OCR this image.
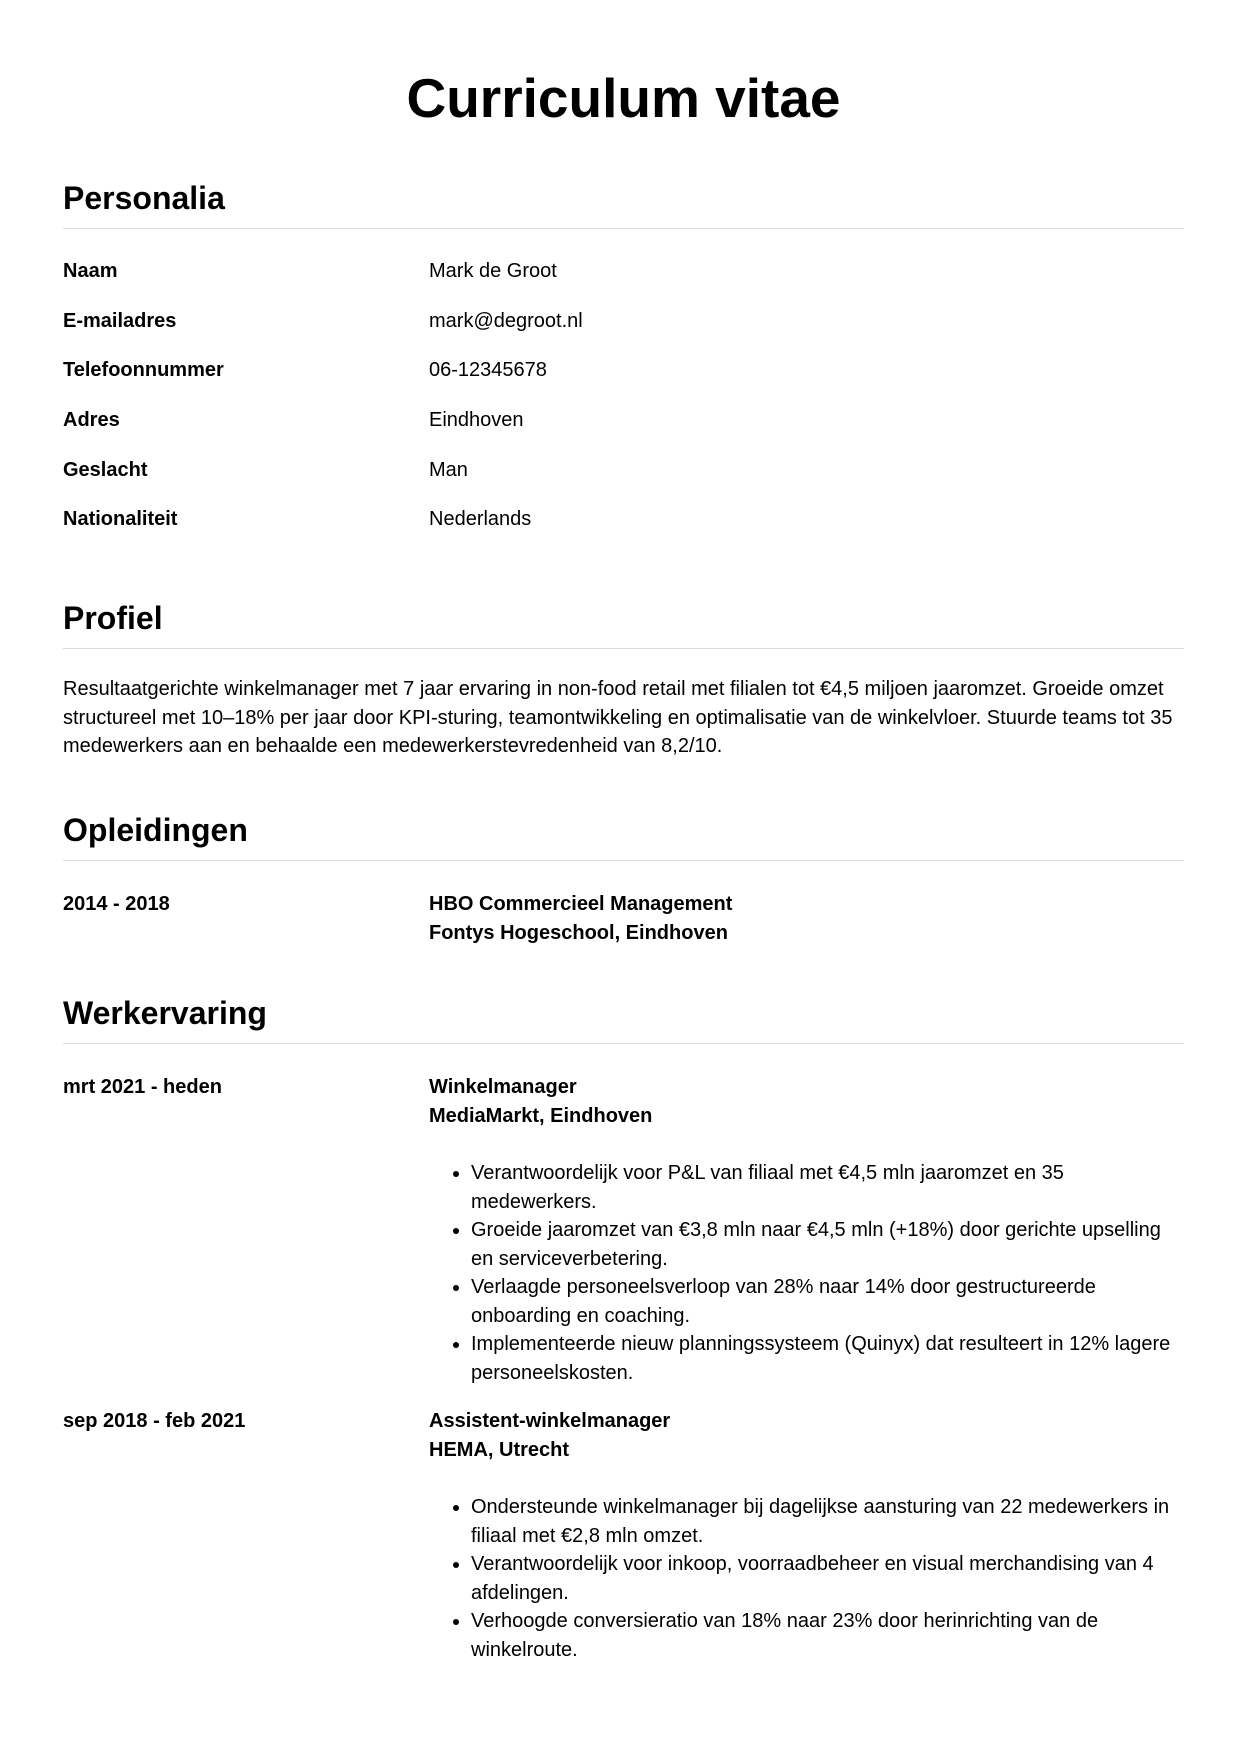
Curriculum vitae
Personalia
Naam	Mark de Groot
E-mailadres	mark@degroot.nl
Telefoonnummer	06-12345678
Adres	Eindhoven
Geslacht	Man
Nationaliteit	Nederlands
Profiel

Resultaatgerichte winkelmanager met 7 jaar ervaring in non-food retail met filialen tot €4,5 miljoen jaaromzet. Groeide omzet structureel met 10–18% per jaar door KPI-sturing, teamontwikkeling en optimalisatie van de winkelvloer. Stuurde teams tot 35 medewerkers aan en behaalde een medewerkerstevredenheid van 8,2/10.

Opleidingen
2014 - 2018	HBO Commercieel Management
Fontys Hogeschool, Eindhoven
Werkervaring
mrt 2021 - heden	Winkelmanager
MediaMarkt, Eindhoven
• Verantwoordelijk voor P&L van filiaal met €4,5 mln jaaromzet en 35 medewerkers.
• Groeide jaaromzet van €3,8 mln naar €4,5 mln (+18%) door gerichte upselling en serviceverbetering.
• Verlaagde personeelsverloop van 28% naar 14% door gestructureerde onboarding en coaching.
• Implementeerde nieuw planningssysteem (Quinyx) dat resulteert in 12% lagere personeelskosten.
sep 2018 - feb 2021	Assistent-winkelmanager
HEMA, Utrecht
• Ondersteunde winkelmanager bij dagelijkse aansturing van 22 medewerkers in filiaal met €2,8 mln omzet.
• Verantwoordelijk voor inkoop, voorraadbeheer en visual merchandising van 4 afdelingen.
• Verhoogde conversieratio van 18% naar 23% door herinrichting van de winkelroute.
